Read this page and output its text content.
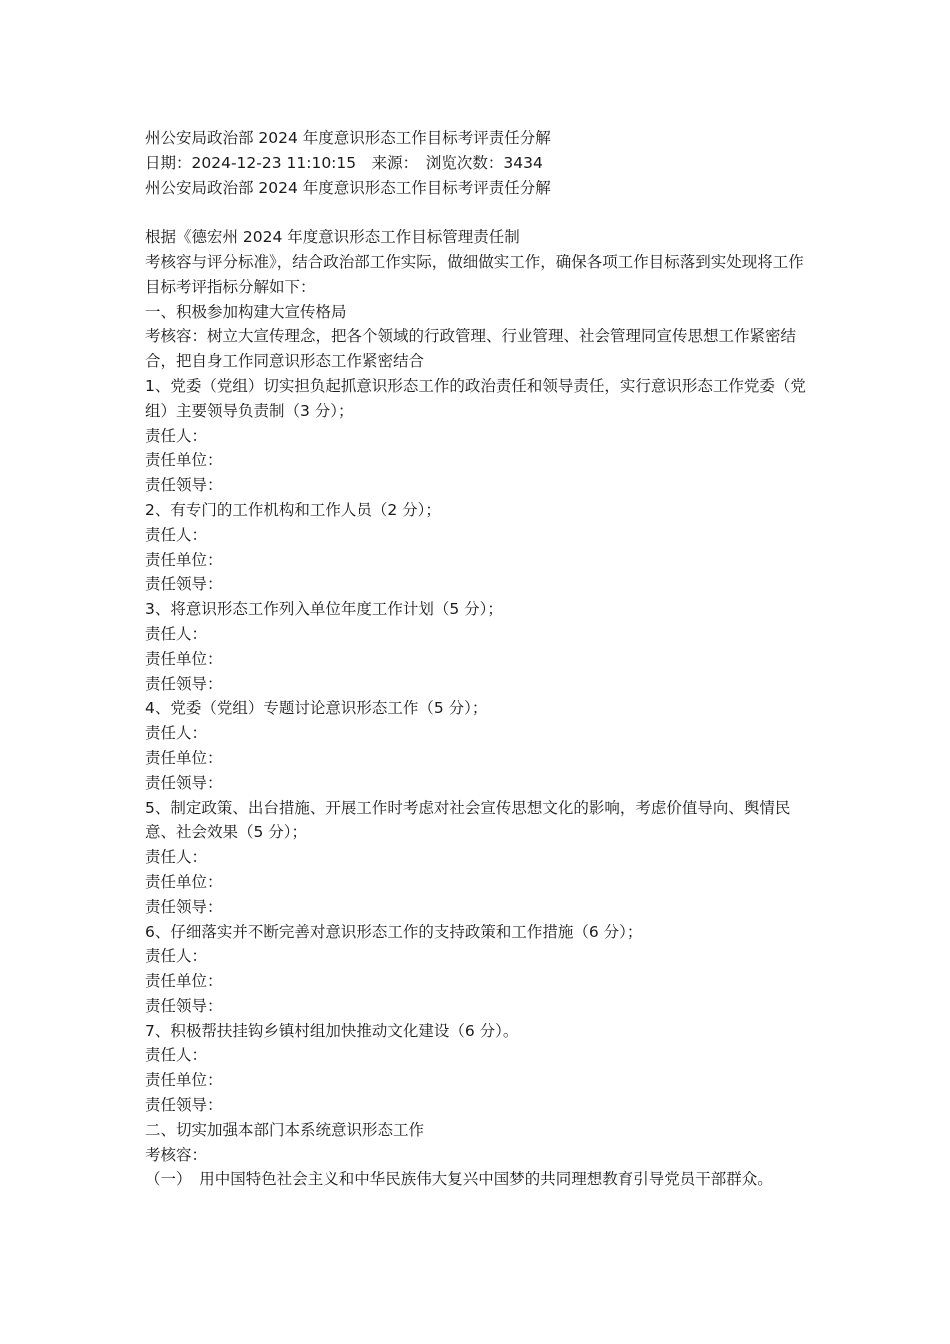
州公安局政治部 2024 年度意识形态工作目标考评责任分解
日期：2024-12-23 11:10:15　来源：　浏览次数：3434
州公安局政治部 2024 年度意识形态工作目标考评责任分解
根据《德宏州 2024 年度意识形态工作目标管理责任制
考核容与评分标准》，结合政治部工作实际，做细做实工作，确保各项工作目标落到实处现将工作目标考评指标分解如下：
一、积极参加构建大宣传格局
考核容：树立大宣传理念，把各个领域的行政管理、行业管理、社会管理同宣传思想工作紧密结合，把自身工作同意识形态工作紧密结合
1、党委（党组）切实担负起抓意识形态工作的政治责任和领导责任，实行意识形态工作党委（党组）主要领导负责制（3 分）；
责任人：
责任单位：
责任领导：
2、有专门的工作机构和工作人员（2 分）；
责任人：
责任单位：
责任领导：
3、将意识形态工作列入单位年度工作计划（5 分）；
责任人：
责任单位：
责任领导：
4、党委（党组）专题讨论意识形态工作（5 分）；
责任人：
责任单位：
责任领导：
5、制定政策、出台措施、开展工作时考虑对社会宣传思想文化的影响，考虑价值导向、舆情民意、社会效果（5 分）；
责任人：
责任单位：
责任领导：
6、仔细落实并不断完善对意识形态工作的支持政策和工作措施（6 分）；
责任人：
责任单位：
责任领导：
7、积极帮扶挂钩乡镇村组加快推动文化建设（6 分）。
责任人：
责任单位：
责任领导：
二、切实加强本部门本系统意识形态工作
考核容：
（一）　用中国特色社会主义和中华民族伟大复兴中国梦的共同理想教育引导党员干部群众。
